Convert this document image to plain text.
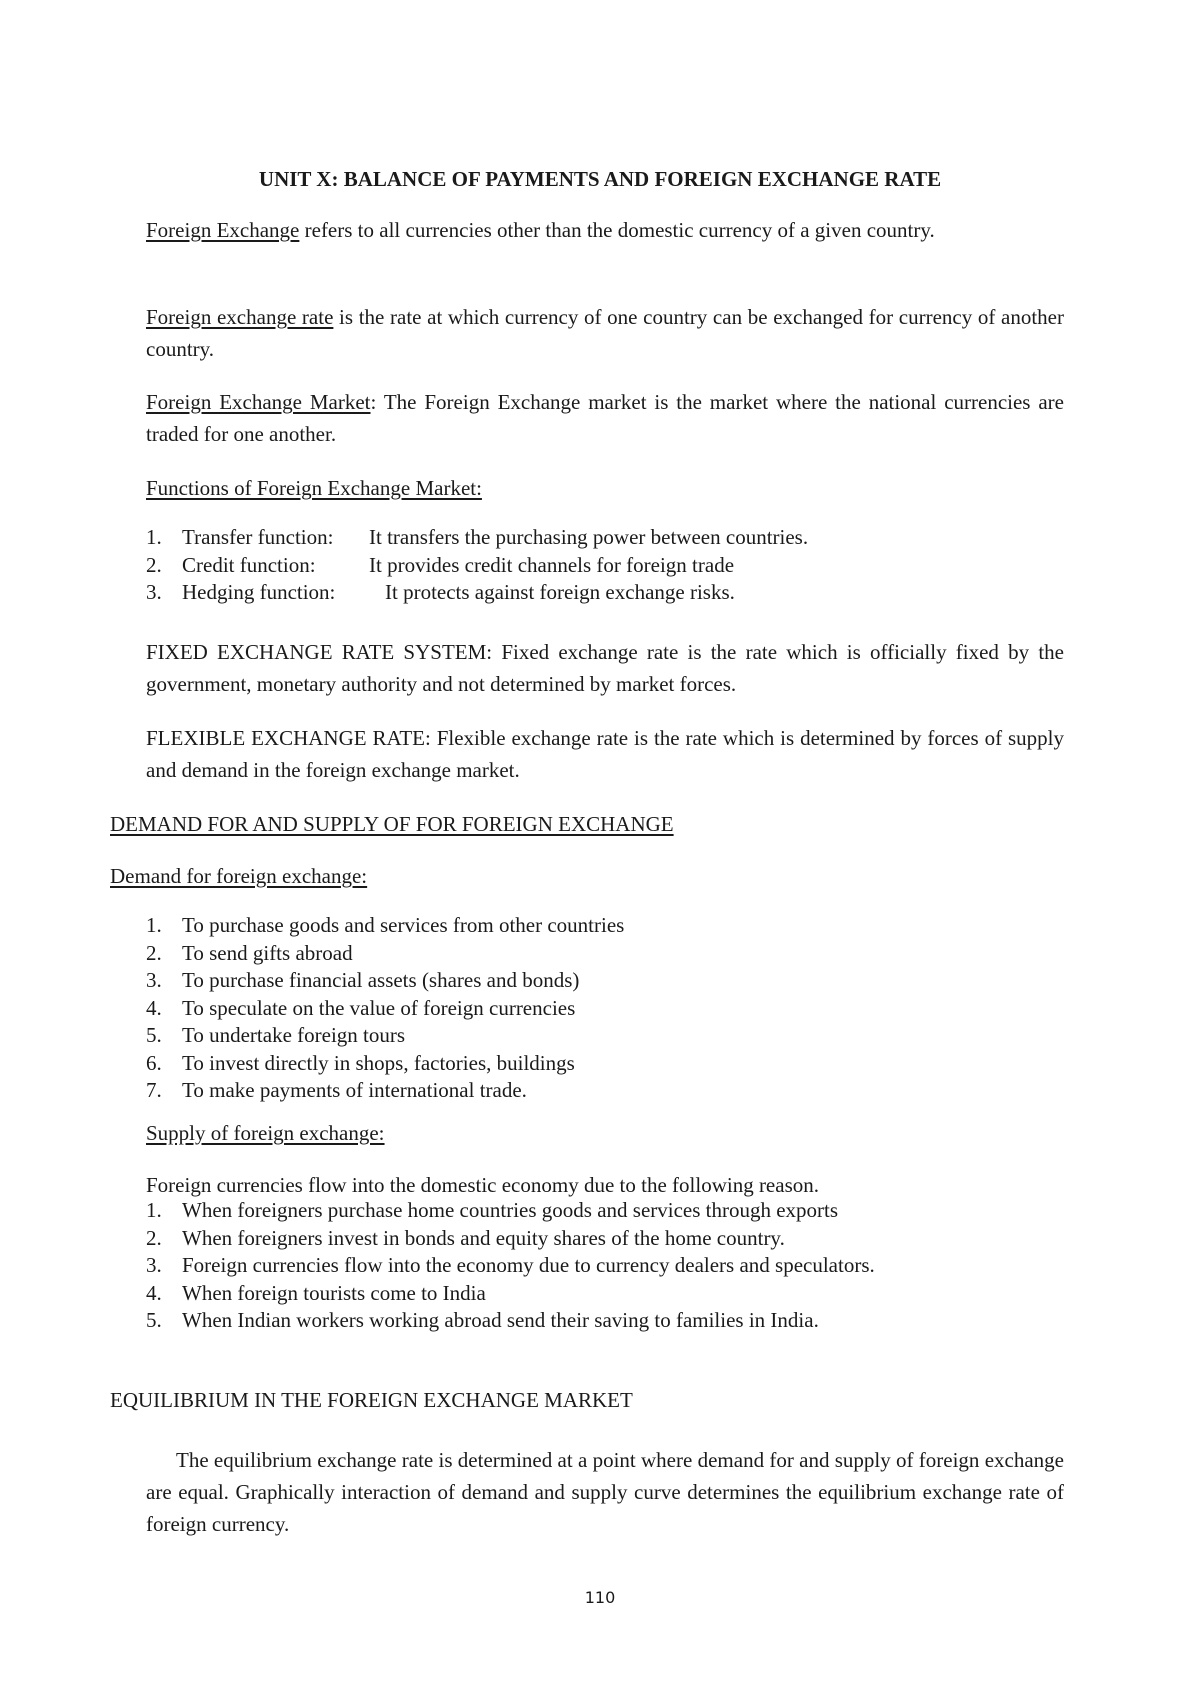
UNIT X: BALANCE OF PAYMENTS AND FOREIGN EXCHANGE RATE

Foreign Exchange refers to all currencies other than the domestic currency of a given country.

Foreign exchange rate is the rate at which currency of one country can be exchanged for currency of another country.

Foreign Exchange Market: The Foreign Exchange market is the market where the national currencies are traded for one another.

Functions of Foreign Exchange Market:

1. Transfer function: It transfers the purchasing power between countries.
2. Credit function:	It provides credit channels for foreign trade
3. Hedging function: It protects against foreign exchange risks.

FIXED EXCHANGE RATE SYSTEM: Fixed exchange rate is the rate which is officially fixed by the government, monetary authority and not determined by market forces.

FLEXIBLE EXCHANGE RATE: Flexible exchange rate is the rate which is determined by forces of supply and demand in the foreign exchange market.

DEMAND FOR AND SUPPLY OF FOR FOREIGN EXCHANGE

Demand for foreign exchange:

1. To purchase goods and services from other countries
2. To send gifts abroad
3. To purchase financial assets (shares and bonds)
4. To speculate on the value of foreign currencies
5. To undertake foreign tours
6. To invest directly in shops, factories, buildings
7. To make payments of international trade.

Supply of foreign exchange:

Foreign currencies flow into the domestic economy due to the following reason.

1. When foreigners purchase home countries goods and services through exports
2. When foreigners invest in bonds and equity shares of the home country.
3. Foreign currencies flow into the economy due to currency dealers and speculators.
4. When foreign tourists come to India
5. When Indian workers working abroad send their saving to families in India.

EQUILIBRIUM IN THE FOREIGN EXCHANGE MARKET

The equilibrium exchange rate is determined at a point where demand for and supply of foreign exchange are equal. Graphically interaction of demand and supply curve determines the equilibrium exchange rate of foreign currency.

110
